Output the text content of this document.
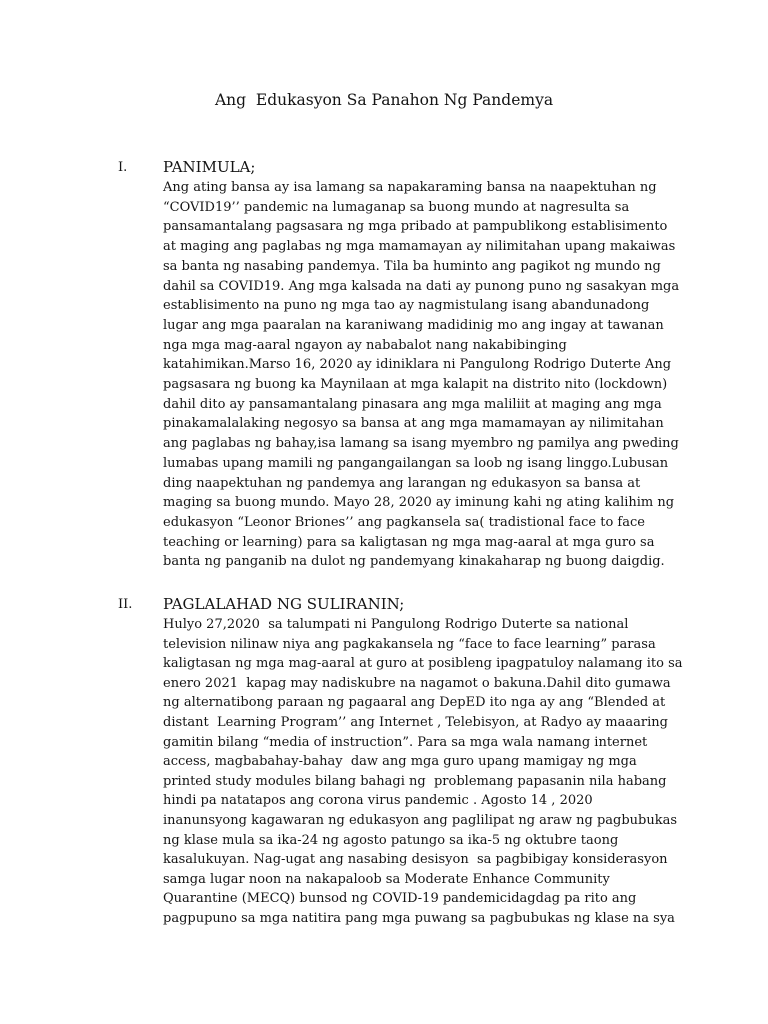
Ang  Edukasyon Sa Panahon Ng Pandemya
I. PANIMULA;
Ang ating bansa ay isa lamang sa napakaraming bansa na naapektuhan ng
“COVID19’’ pandemic na lumaganap sa buong mundo at nagresulta sa
pansamantalang pagsasara ng mga pribado at pampublikong establisimento
at maging ang paglabas ng mga mamamayan ay nilimitahan upang makaiwas
sa banta ng nasabing pandemya. Tila ba huminto ang pagikot ng mundo ng
dahil sa COVID19. Ang mga kalsada na dati ay punong puno ng sasakyan mga
establisimento na puno ng mga tao ay nagmistulang isang abandunadong
lugar ang mga paaralan na karaniwang madidinig mo ang ingay at tawanan
nga mga mag-aaral ngayon ay nababalot nang nakabibinging
katahimikan.Marso 16, 2020 ay idiniklara ni Pangulong Rodrigo Duterte Ang
pagsasara ng buong ka Maynilaan at mga kalapit na distrito nito (lockdown)
dahil dito ay pansamantalang pinasara ang mga maliliit at maging ang mga
pinakamalalaking negosyo sa bansa at ang mga mamamayan ay nilimitahan
ang paglabas ng bahay,isa lamang sa isang myembro ng pamilya ang pweding
lumabas upang mamili ng pangangailangan sa loob ng isang linggo.Lubusan
ding naapektuhan ng pandemya ang larangan ng edukasyon sa bansa at
maging sa buong mundo. Mayo 28, 2020 ay iminung kahi ng ating kalihim ng
edukasyon “Leonor Briones’’ ang pagkansela sa( tradistional face to face
teaching or learning) para sa kaligtasan ng mga mag-aaral at mga guro sa
banta ng panganib na dulot ng pandemyang kinakaharap ng buong daigdig.
II. PAGLALAHAD NG SULIRANIN;
Hulyo 27,2020  sa talumpati ni Pangulong Rodrigo Duterte sa national
television nilinaw niya ang pagkakansela ng “face to face learning” parasa
kaligtasan ng mga mag-aaral at guro at posibleng ipagpatuloy nalamang ito sa
enero 2021  kapag may nadiskubre na nagamot o bakuna.Dahil dito gumawa
ng alternatibong paraan ng pagaaral ang DepED ito nga ay ang “Blended at
distant  Learning Program’’ ang Internet , Telebisyon, at Radyo ay maaaring
gamitin bilang “media of instruction”. Para sa mga wala namang internet
access, magbabahay-bahay  daw ang mga guro upang mamigay ng mga
printed study modules bilang bahagi ng  problemang papasanin nila habang
hindi pa natatapos ang corona virus pandemic . Agosto 14 , 2020
inanunsyong kagawaran ng edukasyon ang paglilipat ng araw ng pagbubukas
ng klase mula sa ika-24 ng agosto patungo sa ika-5 ng oktubre taong
kasalukuyan. Nag-ugat ang nasabing desisyon  sa pagbibigay konsiderasyon
samga lugar noon na nakapaloob sa Moderate Enhance Community
Quarantine (MECQ) bunsod ng COVID-19 pandemicidagdag pa rito ang
pagpupuno sa mga natitira pang mga puwang sa pagbubukas ng klase na sya
